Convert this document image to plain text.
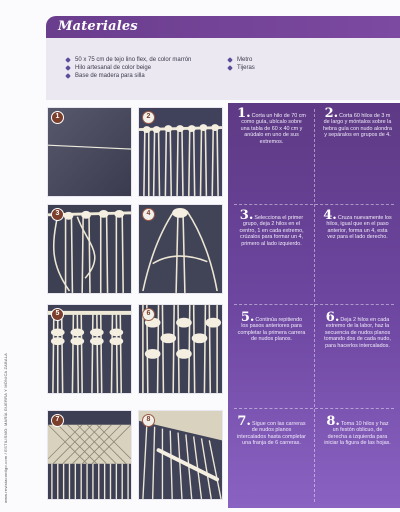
Materiales
50 x 75 cm de tejo lino flex, de color marrón
Hilo artesanal de color beige
Base de madera para silla
Metro
Tijeras
www.revistacontigo.com / ESTILISMO: MARÍA GUERRA Y MÓNICA ZABALA
1	2
3	4
5	6
7	8
1.Corta un hilo de 70 cm como guía, ubícalo sobre una tabla de 60 x 40 cm y anúdalo en uno de sus extremos.
2.Corta 60 hilos de 3 m de largo y móntalos sobre la hebra guía con nudo alondra y sepáralos en grupos de 4.
3.Selecciona el primer grupo, deja 2 hilos en el centro, 1 en cada extremo, crúzalos para formar un 4, primero al lado izquierdo.
4.Cruza nuevamente los hilos, igual que en el paso anterior, forma un 4, esta vez para el lado derecho.
5.Continúa repitiendo los pasos anteriores para completar la primera carrera de nudos planos.
6.Deja 2 hilos en cada extremo de la labor, haz la secuencia de nudos planos tomando dos de cada nudo, para hacerlos intercalados.
7.Sigue con las carreras de nudos planos intercalados hasta completar una franja de 6 carreras.
8.Toma 10 hilos y haz un festón oblicuo, de derecha a izquierda para iniciar la figura de las hojas.
